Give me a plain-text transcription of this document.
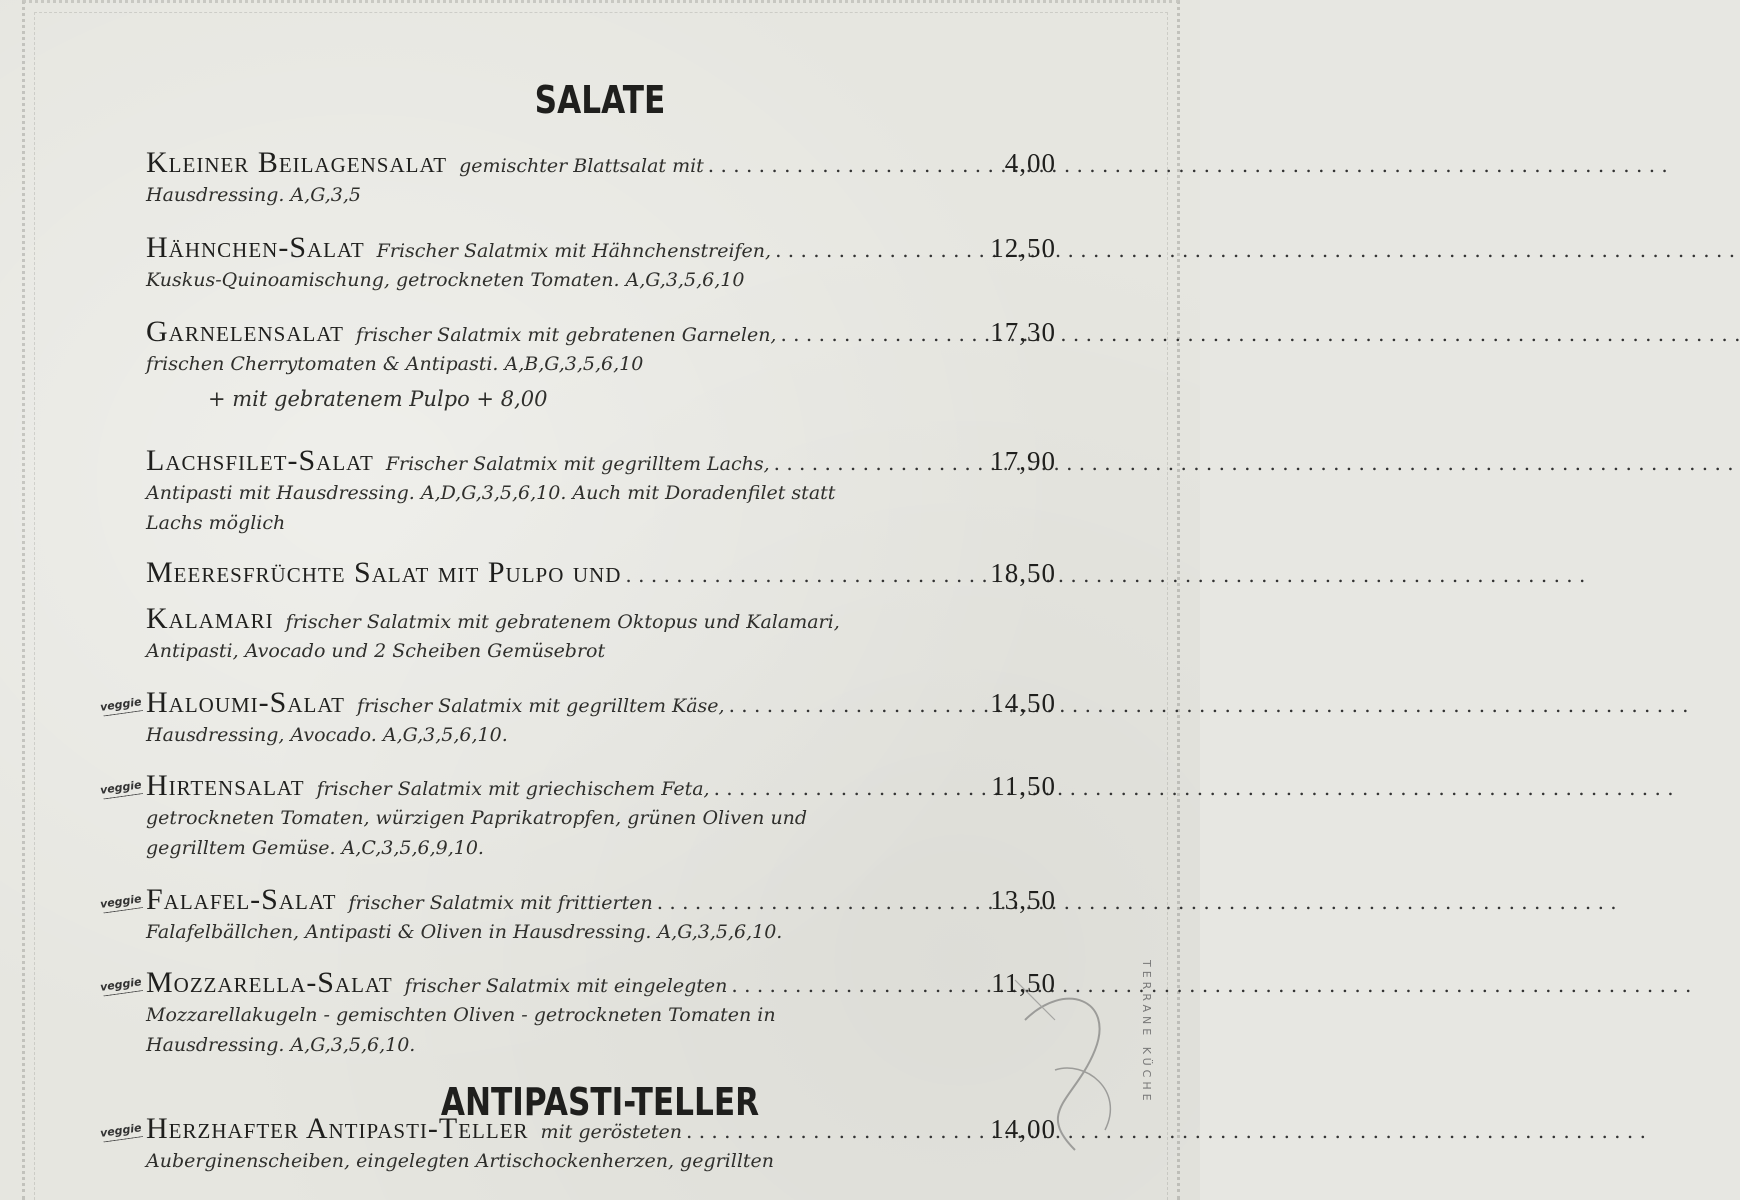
SALATE
Kleiner Beilagensalat gemischter Blattsalat mit . . .	4,00
Hausdressing. A,G,3,5
Hähnchen-Salat Frischer Salatmix mit Hähnchenstreifen, . . .	12,50
Kuskus-Quinoamischung, getrockneten Tomaten. A,G,3,5,6,10
Garnelensalat frischer Salatmix mit gebratenen Garnelen, . . .	17,30
frischen Cherrytomaten & Antipasti. A,B,G,3,5,6,10
+ mit gebratenem Pulpo + 8,00
Lachsfilet-Salat Frischer Salatmix mit gegrilltem Lachs, . . .	17,90
Antipasti mit Hausdressing. A,D,G,3,5,6,10. Auch mit Doradenfilet statt
Lachs möglich
Meeresfrüchte Salat mit Pulpo und . . .	18,50
Kalamari frischer Salatmix mit gebratenem Oktopus und Kalamari,
Antipasti, Avocado und 2 Scheiben Gemüsebrot
veggie Haloumi-Salat frischer Salatmix mit gegrilltem Käse, . . .	14,50
Hausdressing, Avocado. A,G,3,5,6,10.
veggie Hirtensalat frischer Salatmix mit griechischem Feta, . . .	11,50
getrockneten Tomaten, würzigen Paprikatropfen, grünen Oliven und
gegrilltem Gemüse. A,C,3,5,6,9,10.
veggie Falafel-Salat frischer Salatmix mit frittierten . . .	13,50
Falafelbällchen, Antipasti & Oliven in Hausdressing. A,G,3,5,6,10.
veggie Mozzarella-Salat frischer Salatmix mit eingelegten . . .	11,50
Mozzarellakugeln - gemischten Oliven - getrockneten Tomaten in
Hausdressing. A,G,3,5,6,10.
ANTIPASTI-TELLER
veggie Herzhafter Antipasti-Teller mit gerösteten . . .	14,00
Auberginenscheiben, eingelegten Artischockenherzen, gegrillten
TERRANE KÜCHE
